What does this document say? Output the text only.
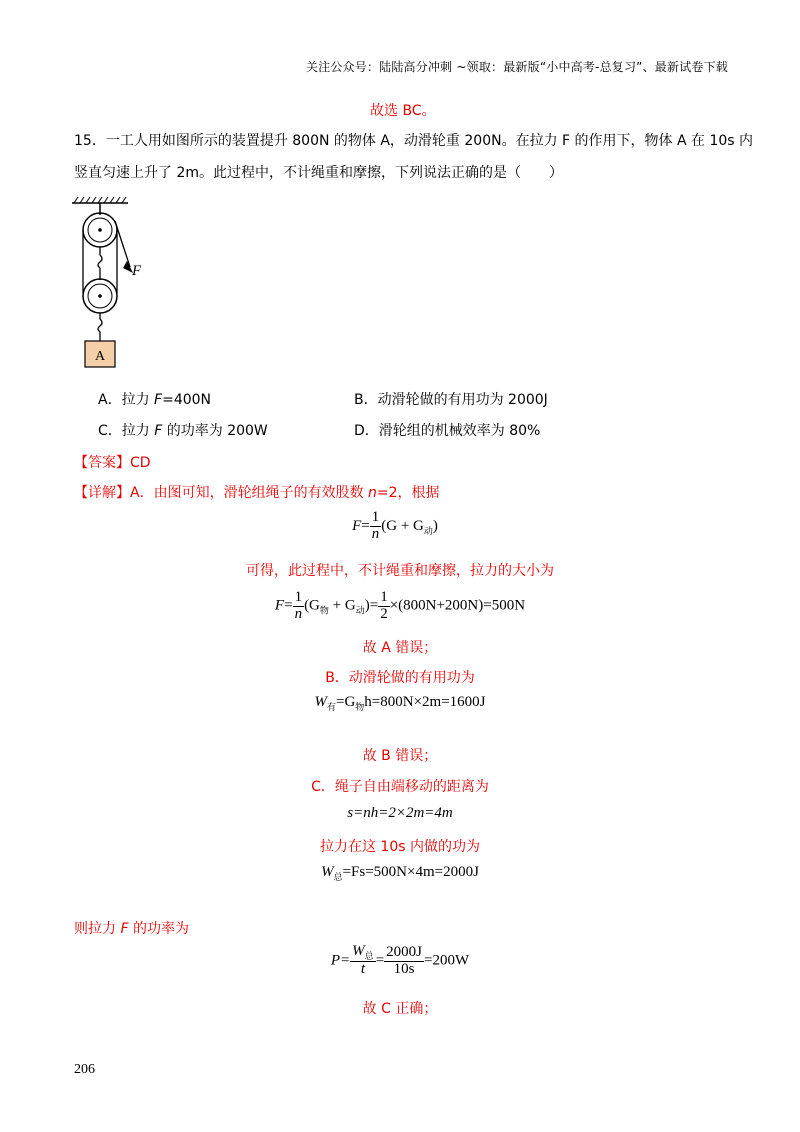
关注公众号：陆陆高分冲刺 ~领取：最新版“小中高考-总复习”、最新试卷下载
故选 BC。
15．一工人用如图所示的装置提升 800N 的物体 A，动滑轮重 200N。在拉力 F 的作用下，物体 A 在 10s 内
竖直匀速上升了 2m。此过程中，不计绳重和摩擦，下列说法正确的是（　　）
F
A
A．拉力 F=400N	B．动滑轮做的有用功为 2000J
C．拉力 F 的功率为 200W	D．滑轮组的机械效率为 80%
【答案】CD
【详解】A．由图可知，滑轮组绳子的有效股数 n=2，根据
$F= \frac{1}{n} (G + G_动)$
可得，此过程中，不计绳重和摩擦，拉力的大小为
$F= \frac{1}{n} (G_物 + G_动)= \frac{1}{2} \times(800N+200N)=500N$
故 A 错误；
B．动滑轮做的有用功为
$W_有=G_物h=800N\times 2m=1600J$
故 B 错误；
C．绳子自由端移动的距离为
s=nh=2×2m=4m
拉力在这 10s 内做的功为
$W_总=Fs=500N\times 4m=2000J$
则拉力 F 的功率为
$P= \frac{W_总}{t} = \frac{2000J}{10s} =200W$
故 C 正确；
206
